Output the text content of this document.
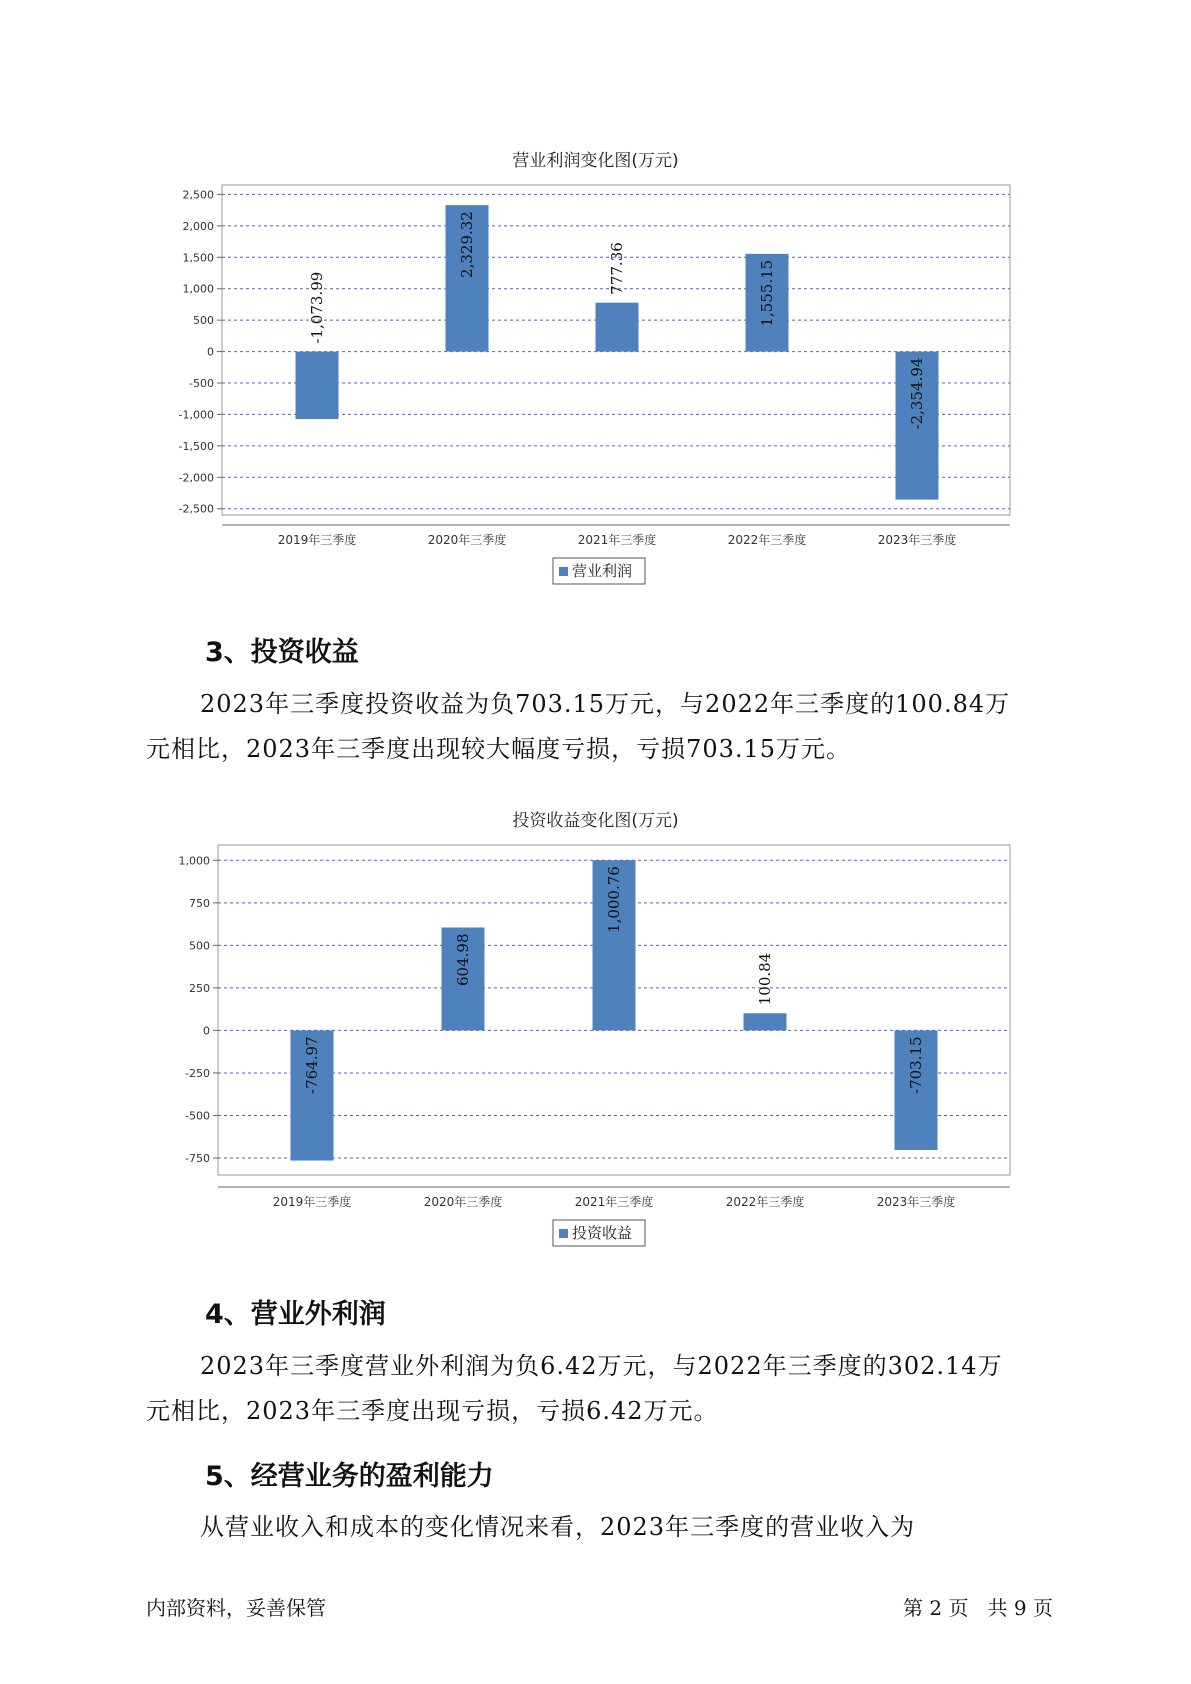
营业利润变化图(万元)
2,500
2,000
1,500
1,000
500
0
-500
-1,000
-1,500
-2,000
-2,500
2019年三季度
-1,073.99
2020年三季度
2,329.32
2021年三季度
777.36
2022年三季度
1,555.15
2023年三季度
-2,354.94
营业利润
3、投资收益
2023年三季度投资收益为负703.15万元，与2022年三季度的100.84万
元相比，2023年三季度出现较大幅度亏损，亏损703.15万元。
投资收益变化图(万元)
1,000
750
500
250
0
-250
-500
-750
2019年三季度
-764.97
2020年三季度
604.98
2021年三季度
1,000.76
2022年三季度
100.84
2023年三季度
-703.15
投资收益
4、营业外利润
2023年三季度营业外利润为负6.42万元，与2022年三季度的302.14万
元相比，2023年三季度出现亏损，亏损6.42万元。
5、经营业务的盈利能力
从营业收入和成本的变化情况来看，2023年三季度的营业收入为
内部资料，妥善保管	第 2 页 共 9 页
